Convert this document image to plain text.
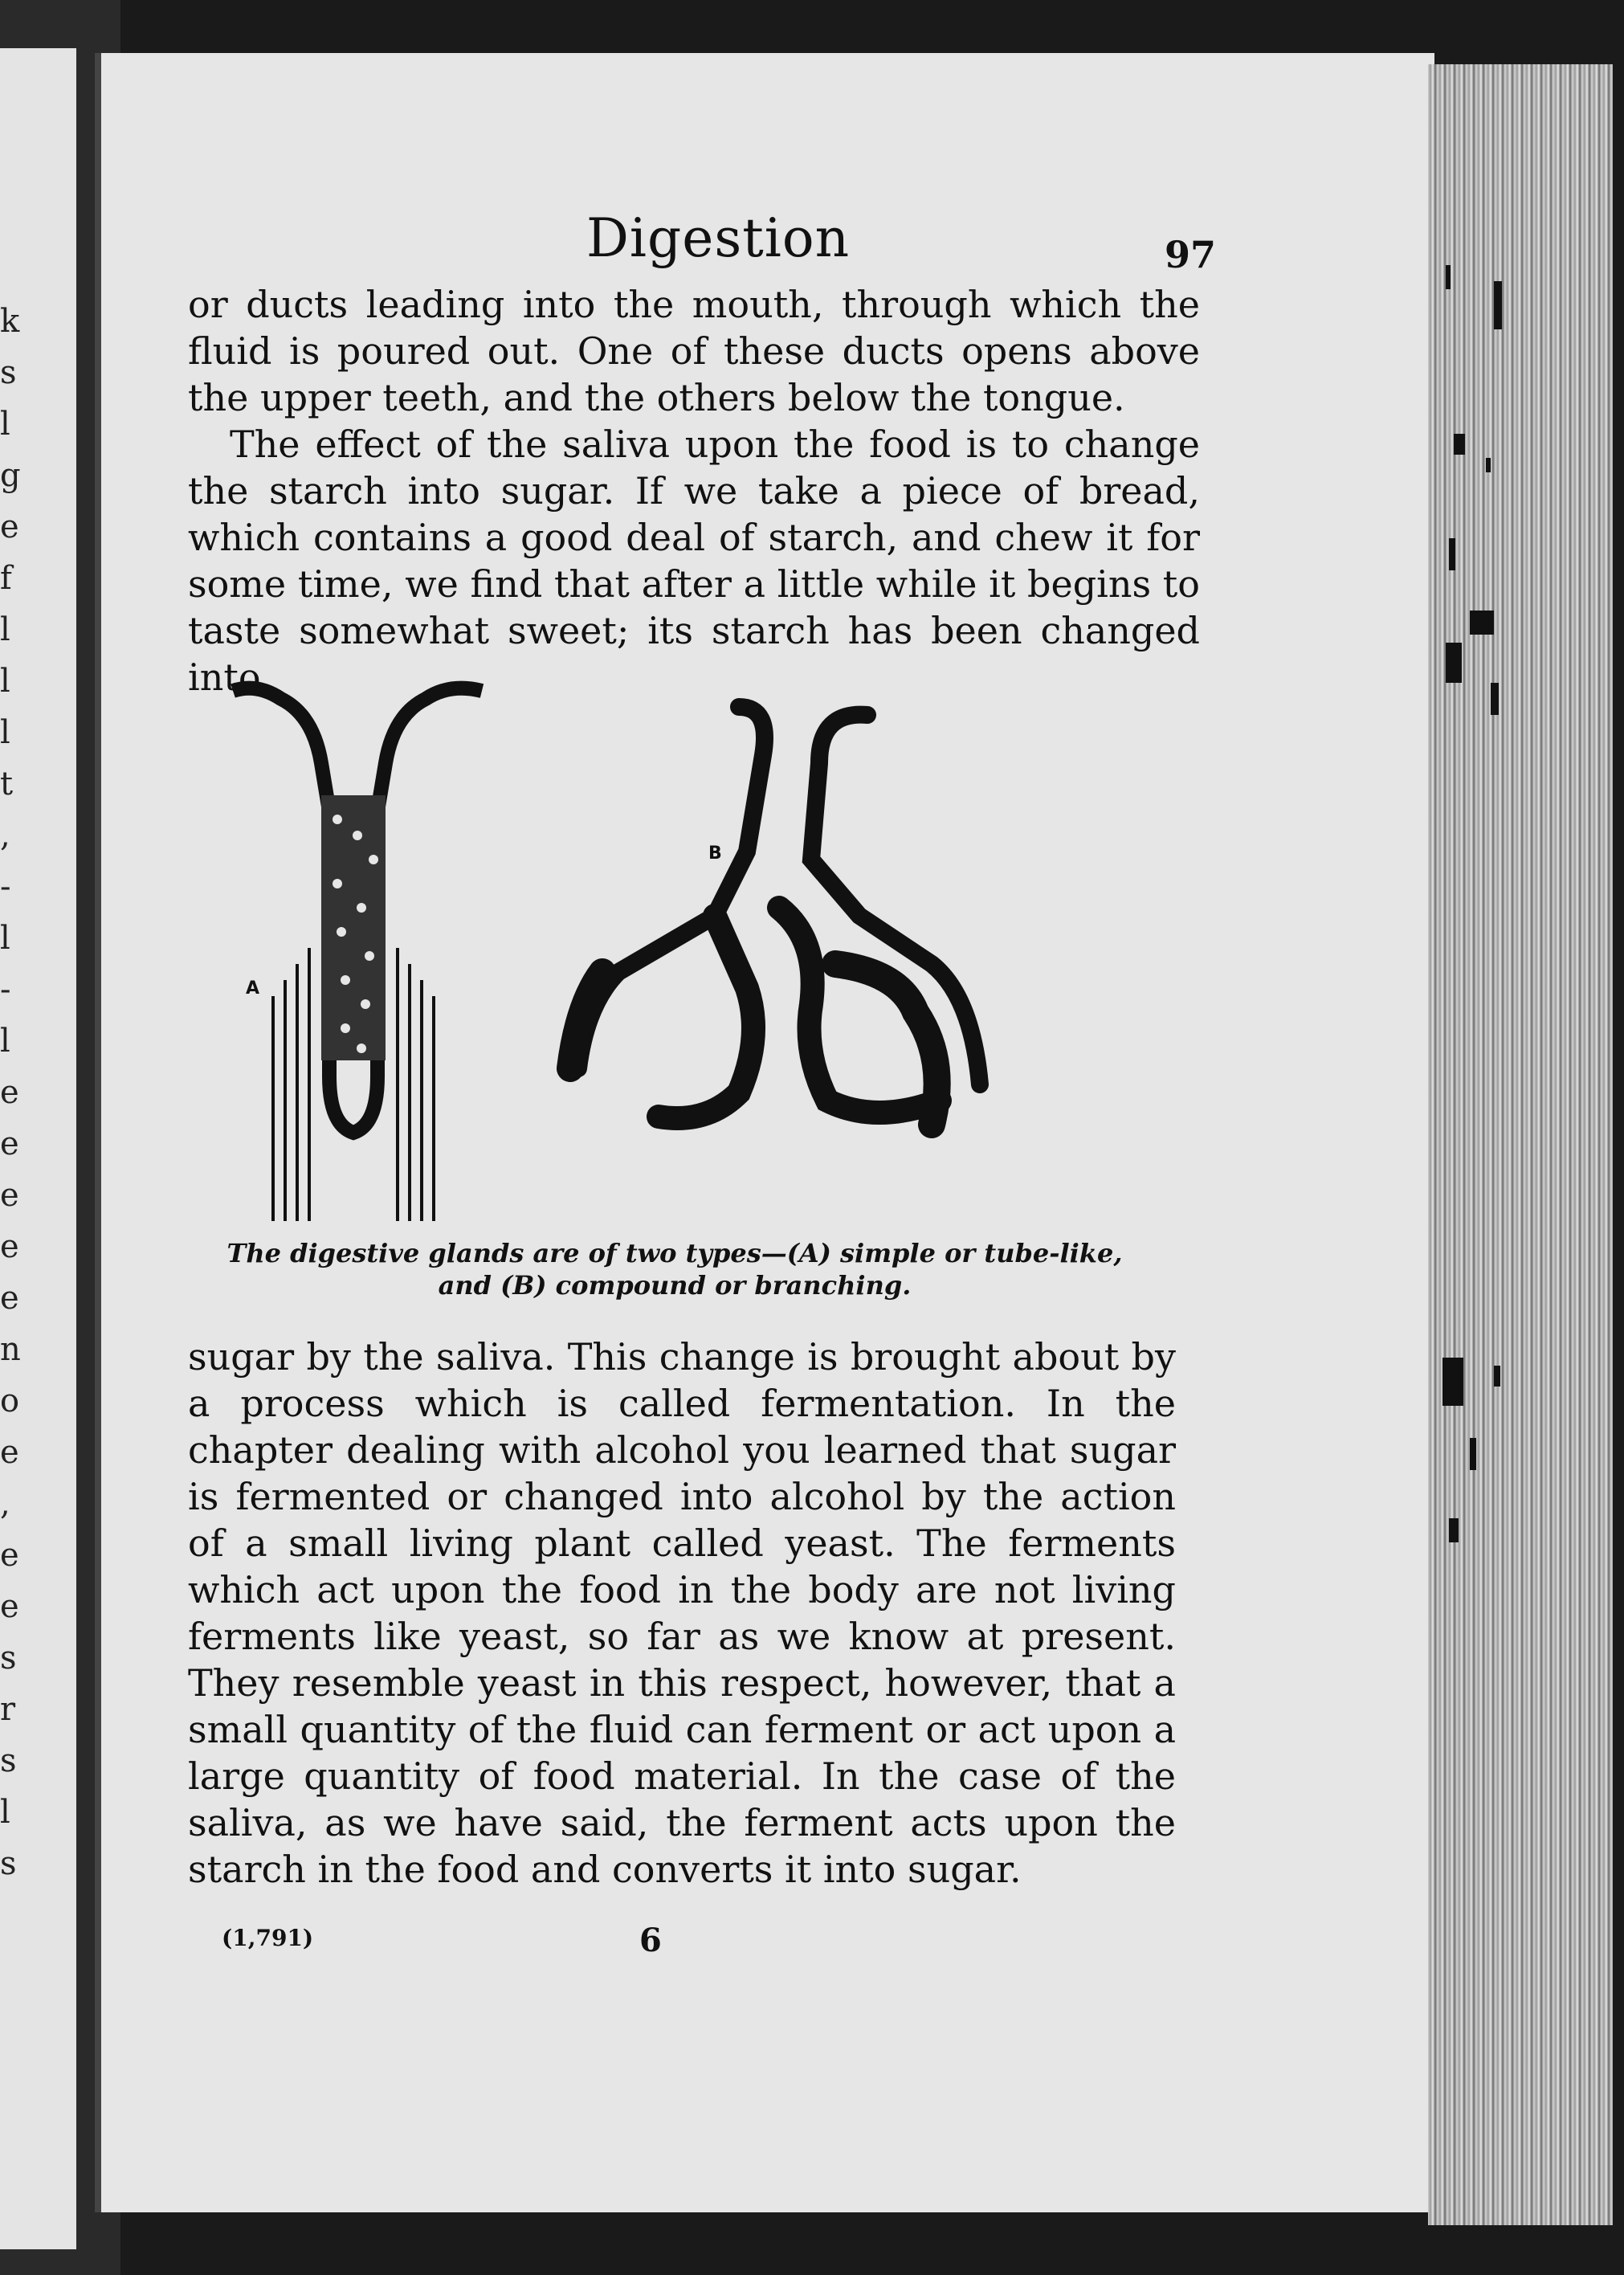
k
s
l
g
e
f
l
l
l
t
,
-
l
-
l
e
e
e
e
e
n
o
e
,
e
e
s
r
s
l
s
Digestion	97

or ducts leading into the mouth, through which the fluid is poured out. One of these ducts opens above the upper teeth, and the others below the tongue.

The effect of the saliva upon the food is to change the starch into sugar. If we take a piece of bread, which contains a good deal of starch, and chew it for some time, we find that after a little while it begins to taste somewhat sweet; its starch has been changed into

A
B
The digestive glands are of two types—(A) simple or tube-like, and (B) compound or branching.

sugar by the saliva. This change is brought about by a process which is called fermentation. In the chapter dealing with alcohol you learned that sugar is fermented or changed into alcohol by the action of a small living plant called yeast. The ferments which act upon the food in the body are not living ferments like yeast, so far as we know at present. They resemble yeast in this respect, however, that a small quantity of the fluid can ferment or act upon a large quantity of food material. In the case of the saliva, as we have said, the ferment acts upon the starch in the food and converts it into sugar.

(1,791)	6
